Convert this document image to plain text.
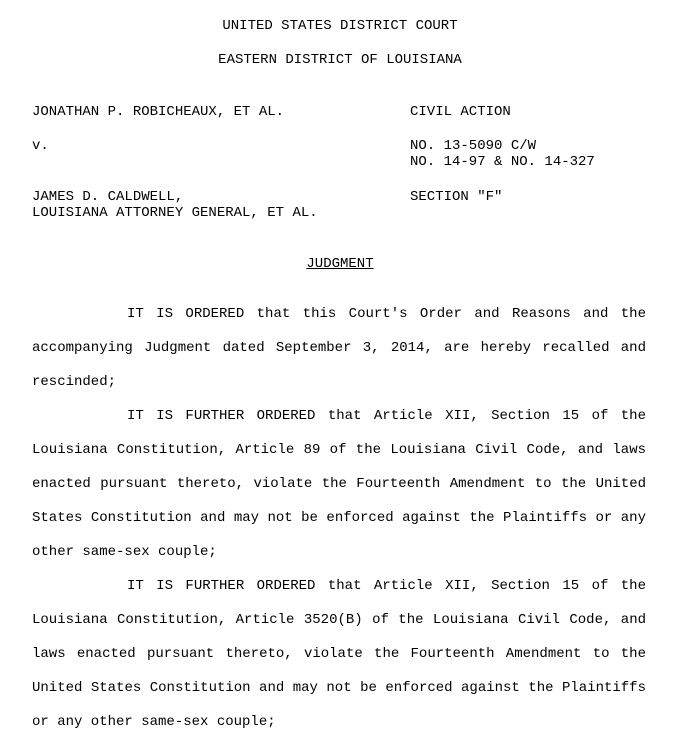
UNITED STATES DISTRICT COURT
EASTERN DISTRICT OF LOUISIANA
JONATHAN P. ROBICHEAUX, ET AL.
v.
JAMES D. CALDWELL,
LOUISIANA ATTORNEY GENERAL, ET AL.
CIVIL ACTION
NO. 13-5090 C/W
NO. 14-97 & NO. 14-327
SECTION "F"
JUDGMENT
IT IS ORDERED that this Court's Order and Reasons and the accompanying Judgment dated September 3, 2014, are hereby recalled and rescinded;
IT IS FURTHER ORDERED that Article XII, Section 15 of the Louisiana Constitution, Article 89 of the Louisiana Civil Code, and laws enacted pursuant thereto, violate the Fourteenth Amendment to the United States Constitution and may not be enforced against the Plaintiffs or any other same-sex couple;
IT IS FURTHER ORDERED that Article XII, Section 15 of the Louisiana Constitution, Article 3520(B) of the Louisiana Civil Code, and laws enacted pursuant thereto, violate the Fourteenth Amendment to the United States Constitution and may not be enforced against the Plaintiffs or any other same-sex couple;
